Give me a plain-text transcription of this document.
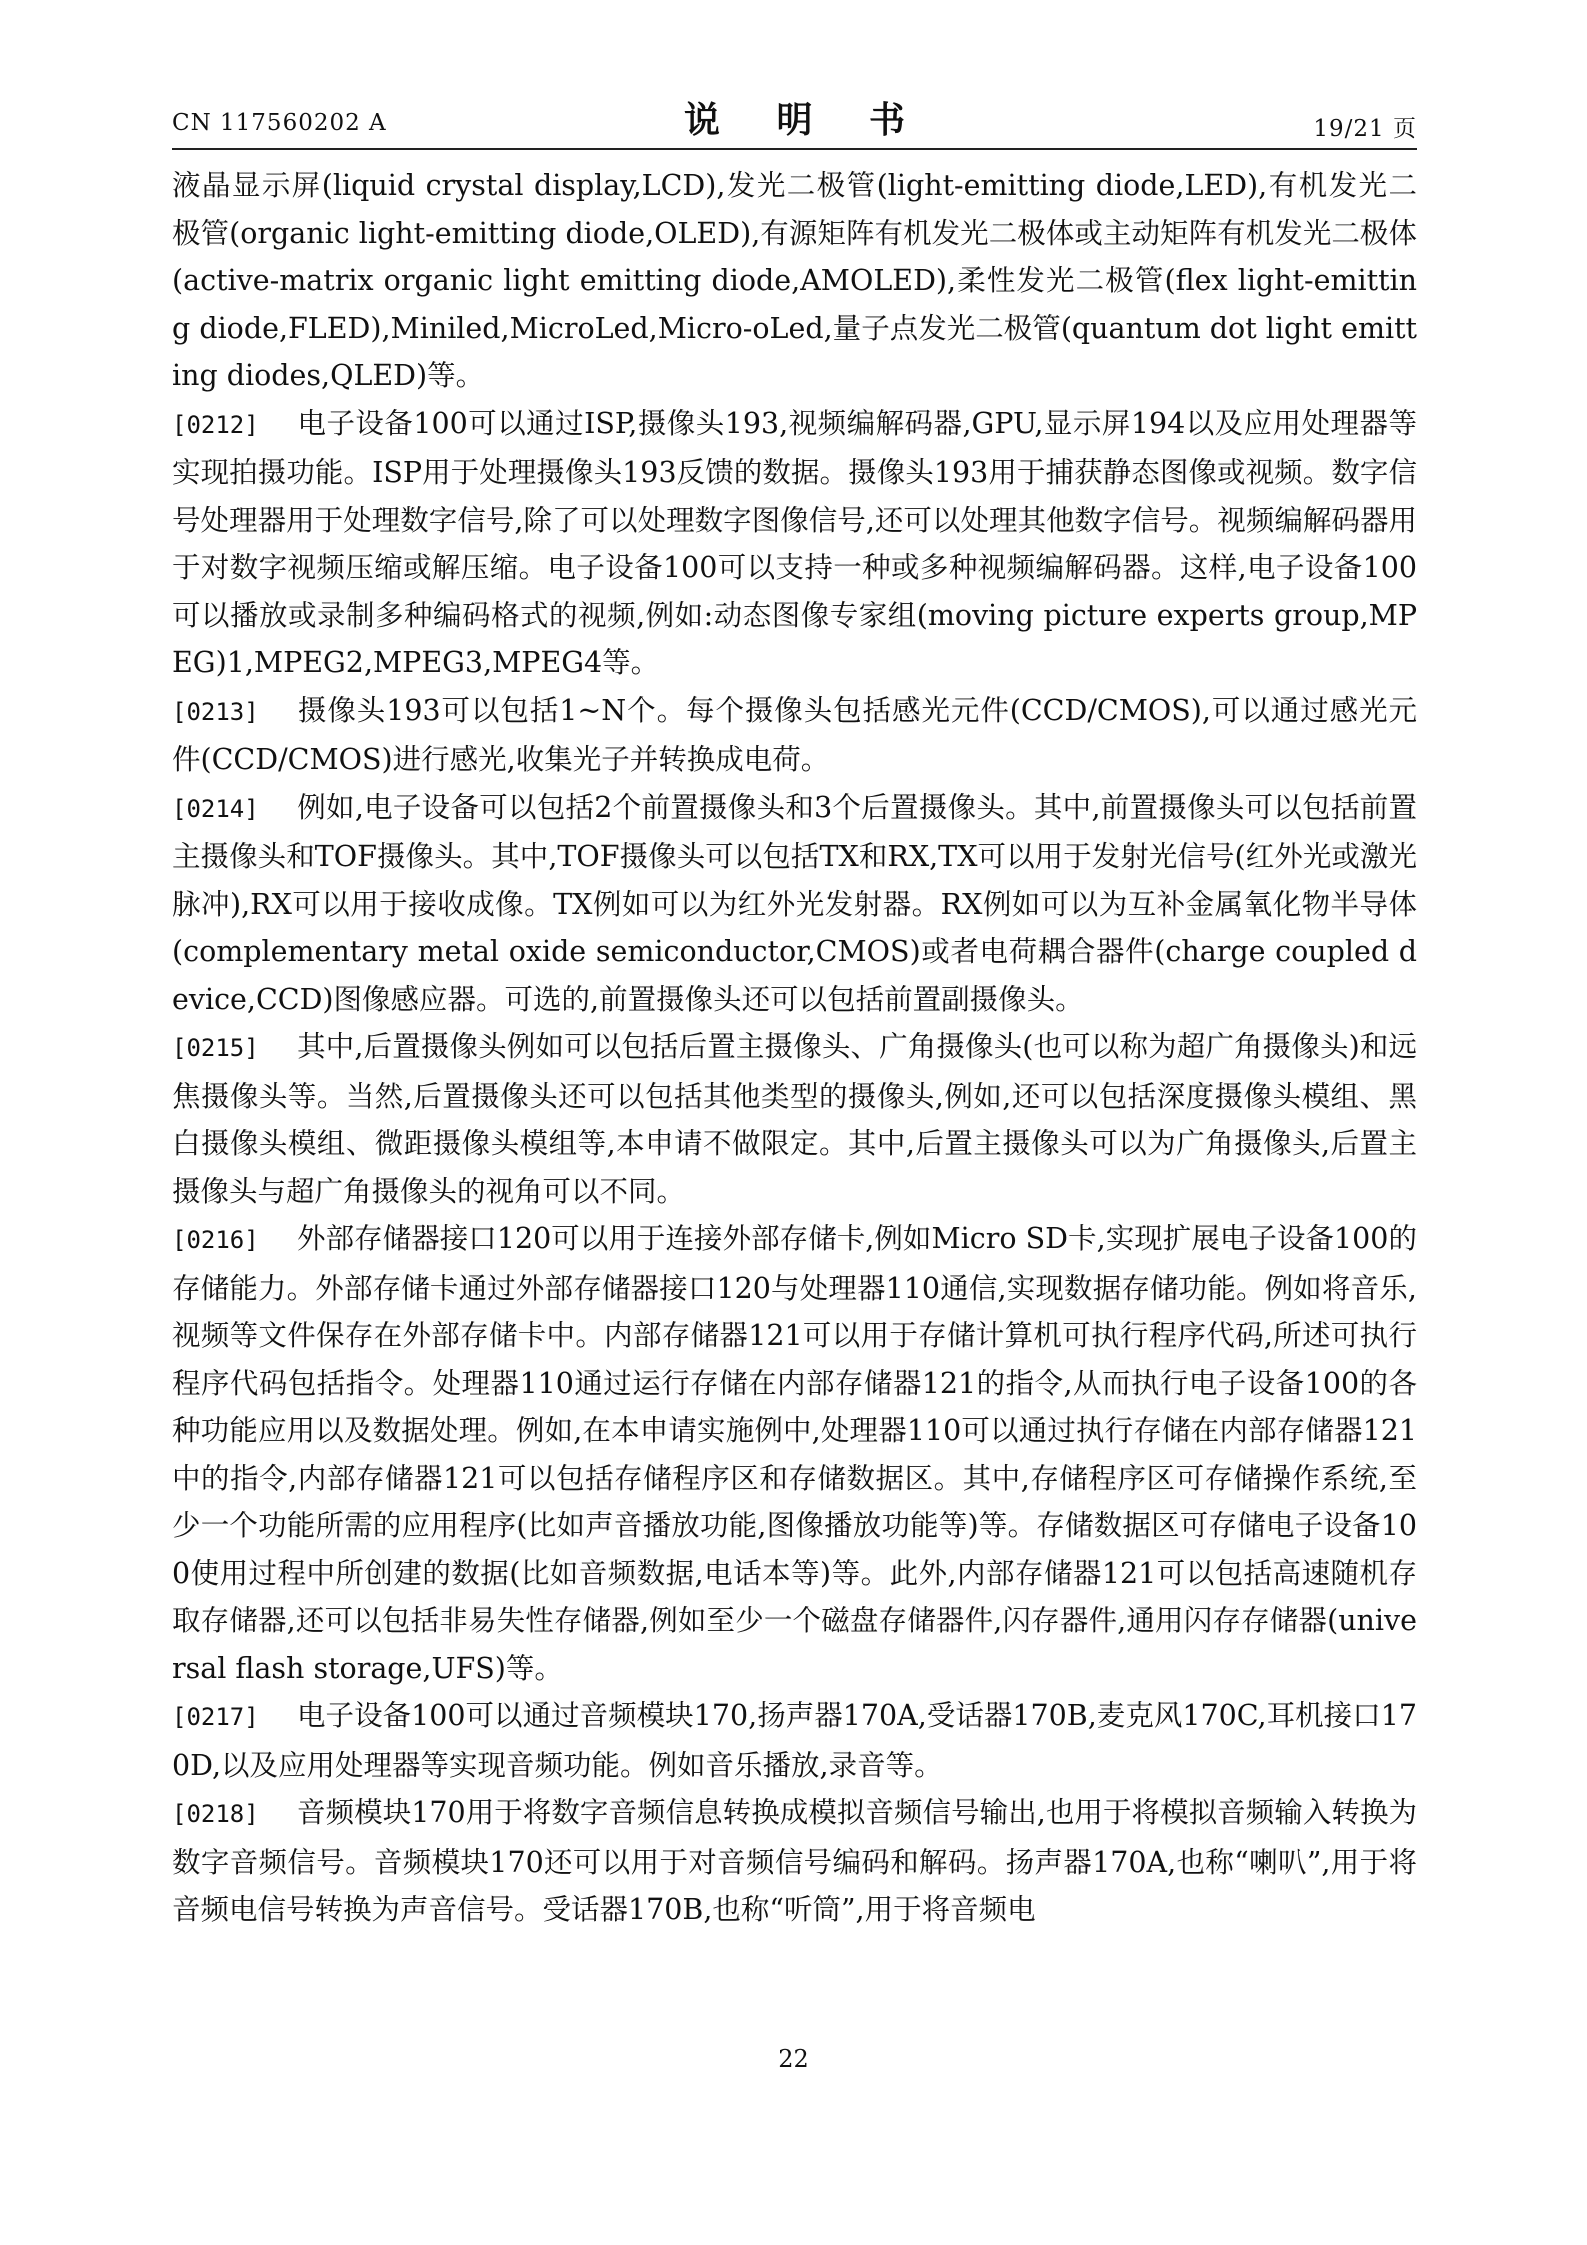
CN 117560202 A	说 明 书	19/21 页

液晶显示屏(liquid crystal display,LCD),发光二极管(light-emitting diode,LED),有机发光二极管(organic light-emitting diode,OLED),有源矩阵有机发光二极体或主动矩阵有机发光二极体(active-matrix organic light emitting diode,AMOLED),柔性发光二极管(flex light-emitting diode,FLED),Miniled,MicroLed,Micro-oLed,量子点发光二极管(quantum dot light emitting diodes,QLED)等。

[0212] 电子设备100可以通过ISP,摄像头193,视频编解码器,GPU,显示屏194以及应用处理器等实现拍摄功能。ISP用于处理摄像头193反馈的数据。摄像头193用于捕获静态图像或视频。数字信号处理器用于处理数字信号,除了可以处理数字图像信号,还可以处理其他数字信号。视频编解码器用于对数字视频压缩或解压缩。电子设备100可以支持一种或多种视频编解码器。这样,电子设备100可以播放或录制多种编码格式的视频,例如:动态图像专家组(moving picture experts group,MPEG)1,MPEG2,MPEG3,MPEG4等。

[0213] 摄像头193可以包括1~N个。每个摄像头包括感光元件(CCD/CMOS),可以通过感光元件(CCD/CMOS)进行感光,收集光子并转换成电荷。

[0214] 例如,电子设备可以包括2个前置摄像头和3个后置摄像头。其中,前置摄像头可以包括前置主摄像头和TOF摄像头。其中,TOF摄像头可以包括TX和RX,TX可以用于发射光信号(红外光或激光脉冲),RX可以用于接收成像。TX例如可以为红外光发射器。RX例如可以为互补金属氧化物半导体(complementary metal oxide semiconductor,CMOS)或者电荷耦合器件(charge coupled device,CCD)图像感应器。可选的,前置摄像头还可以包括前置副摄像头。

[0215] 其中,后置摄像头例如可以包括后置主摄像头、广角摄像头(也可以称为超广角摄像头)和远焦摄像头等。当然,后置摄像头还可以包括其他类型的摄像头,例如,还可以包括深度摄像头模组、黑白摄像头模组、微距摄像头模组等,本申请不做限定。其中,后置主摄像头可以为广角摄像头,后置主摄像头与超广角摄像头的视角可以不同。

[0216] 外部存储器接口120可以用于连接外部存储卡,例如Micro SD卡,实现扩展电子设备100的存储能力。外部存储卡通过外部存储器接口120与处理器110通信,实现数据存储功能。例如将音乐,视频等文件保存在外部存储卡中。内部存储器121可以用于存储计算机可执行程序代码,所述可执行程序代码包括指令。处理器110通过运行存储在内部存储器121的指令,从而执行电子设备100的各种功能应用以及数据处理。例如,在本申请实施例中,处理器110可以通过执行存储在内部存储器121中的指令,内部存储器121可以包括存储程序区和存储数据区。其中,存储程序区可存储操作系统,至少一个功能所需的应用程序(比如声音播放功能,图像播放功能等)等。存储数据区可存储电子设备100使用过程中所创建的数据(比如音频数据,电话本等)等。此外,内部存储器121可以包括高速随机存取存储器,还可以包括非易失性存储器,例如至少一个磁盘存储器件,闪存器件,通用闪存存储器(universal flash storage,UFS)等。

[0217] 电子设备100可以通过音频模块170,扬声器170A,受话器170B,麦克风170C,耳机接口170D,以及应用处理器等实现音频功能。例如音乐播放,录音等。

[0218] 音频模块170用于将数字音频信息转换成模拟音频信号输出,也用于将模拟音频输入转换为数字音频信号。音频模块170还可以用于对音频信号编码和解码。扬声器170A,也称“喇叭”,用于将音频电信号转换为声音信号。受话器170B,也称“听筒”,用于将音频电

22
